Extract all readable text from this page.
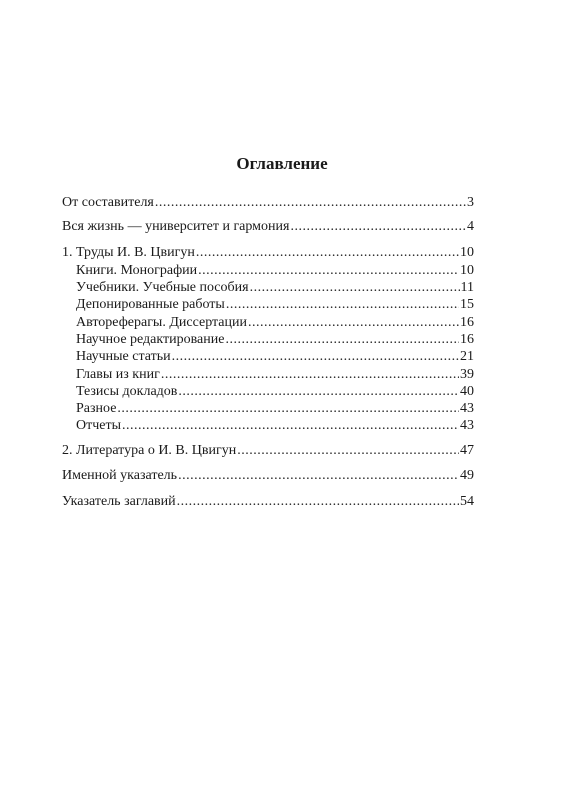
Оглавление
От составителя .....	3
Вся жизнь — университет и гармония .....	4
1. Труды И. В. Цвигун .....	10
Книги. Монографии .....	10
Учебники. Учебные пособия .....	11
Депонированные работы .....	15
Автореферагы. Диссертации .....	16
Научное редактирование .....	16
Научные статьи .....	21
Главы из книг .....	39
Тезисы докладов .....	40
Разное .....	43
Отчеты .....	43
2. Литература о И. В. Цвигун .....	47
Именной указатель .....	49
Указатель заглавий .....	54
